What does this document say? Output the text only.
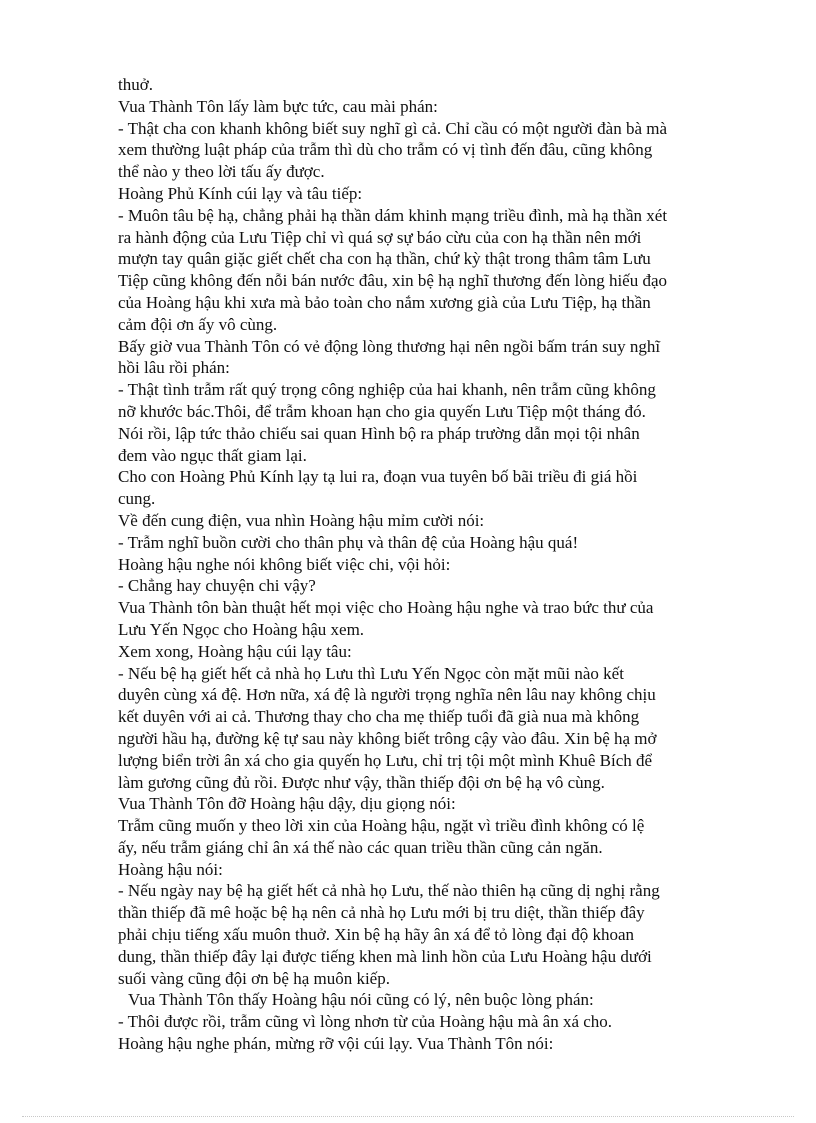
thuở.
Vua Thành Tôn lấy làm bực tức, cau mài phán:
- Thật cha con khanh không biết suy nghĩ gì cả. Chỉ cầu có một người đàn bà mà
xem thường luật pháp của trẫm thì dù cho trẫm có vị tình đến đâu, cũng không
thể nào y theo lời tấu ấy được.
Hoàng Phủ Kính cúi lạy và tâu tiếp:
- Muôn tâu bệ hạ, chẳng phải hạ thần dám khinh mạng triều đình, mà hạ thần xét
ra hành động của Lưu Tiệp chỉ vì quá sợ sự báo cừu của con hạ thần nên mới
mượn tay quân giặc giết chết cha con hạ thần, chứ kỳ thật trong thâm tâm Lưu
Tiệp cũng không đến nỗi bán nước đâu, xin bệ hạ nghĩ thương đến lòng hiếu đạo
của Hoàng hậu khi xưa mà bảo toàn cho nắm xương già của Lưu Tiệp, hạ thần
cảm đội ơn ấy vô cùng.
Bấy giờ vua Thành Tôn có vẻ động lòng thương hại nên ngồi bấm trán suy nghĩ
hồi lâu rồi phán:
- Thật tình trẫm rất quý trọng công nghiệp của hai khanh, nên trẫm cũng không
nỡ khước bác.Thôi, để trẫm khoan hạn cho gia quyến Lưu Tiệp một tháng đó.
Nói rồi, lập tức thảo chiếu sai quan Hình bộ ra pháp trường dẫn mọi tội nhân
đem vào ngục thất giam lại.
Cho con Hoàng Phủ Kính lạy tạ lui ra, đoạn vua tuyên bố bãi triều đi giá hồi
cung.
Về đến cung điện, vua nhìn Hoàng hậu mỉm cười nói:
- Trẫm nghĩ buồn cười cho thân phụ và thân đệ của Hoàng hậu quá!
Hoàng hậu nghe nói không biết việc chi, vội hỏi:
- Chẳng hay chuyện chi vậy?
Vua Thành tôn bàn thuật hết mọi việc cho Hoàng hậu nghe và trao bức thư của
Lưu Yến Ngọc cho Hoàng hậu xem.
Xem xong, Hoàng hậu cúi lạy tâu:
- Nếu bệ hạ giết hết cả nhà họ Lưu thì Lưu Yến Ngọc còn mặt mũi nào kết
duyên cùng xá đệ. Hơn nữa, xá đệ là người trọng nghĩa nên lâu nay không chịu
kết duyên với ai cả. Thương thay cho cha mẹ thiếp tuổi đã già nua mà không
người hầu hạ, đường kệ tự sau này không biết trông cậy vào đâu. Xin bệ hạ mở
lượng biển trời ân xá cho gia quyến họ Lưu, chỉ trị tội một mình Khuê Bích để
làm gương cũng đủ rồi. Được như vậy, thần thiếp đội ơn bệ hạ vô cùng.
Vua Thành Tôn đỡ Hoàng hậu dậy, dịu giọng nói:
Trẫm cũng muốn y theo lời xin của Hoàng hậu, ngặt vì triều đình không có lệ
ấy, nếu trẫm giáng chỉ ân xá thế nào các quan triều thần cũng cản ngăn.
Hoàng hậu nói:
- Nếu ngày nay bệ hạ giết hết cả nhà họ Lưu, thế nào thiên hạ cũng dị nghị rằng
thần thiếp đã mê hoặc bệ hạ nên cả nhà họ Lưu mới bị tru diệt, thần thiếp đây
phải chịu tiếng xấu muôn thuở. Xin bệ hạ hãy ân xá để tỏ lòng đại độ khoan
dung, thần thiếp đây lại được tiếng khen mà linh hồn của Lưu Hoàng hậu dưới
suối vàng cũng đội ơn bệ hạ muôn kiếp.
Vua Thành Tôn thấy Hoàng hậu nói cũng có lý, nên buộc lòng phán:
- Thôi được rồi, trẫm cũng vì lòng nhơn từ của Hoàng hậu mà ân xá cho.
Hoàng hậu nghe phán, mừng rỡ vội cúi lạy. Vua Thành Tôn nói:
